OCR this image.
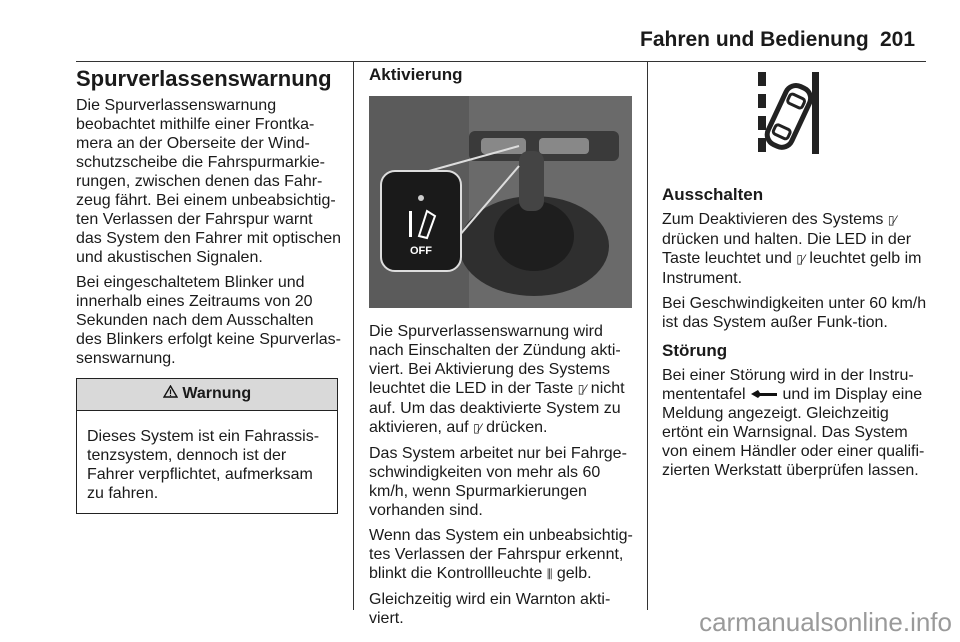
Fahren und Bedienung 201
Spurverlassenswarnung

Die Spurverlassenswarnung beobachtet mithilfe einer Frontka-mera an der Oberseite der Wind-schutzscheibe die Fahrspurmarkie-rungen, zwischen denen das Fahr-zeug fährt. Bei einem unbeabsichtig-ten Verlassen der Fahrspur warnt das System den Fahrer mit optischen und akustischen Signalen.

Bei eingeschaltetem Blinker und innerhalb eines Zeitraums von 20 Sekunden nach dem Ausschalten des Blinkers erfolgt keine Spurverlas-senswarnung.

Warnung

Dieses System ist ein Fahrassis-tenzsystem, dennoch ist der Fahrer verpflichtet, aufmerksam zu fahren.

Aktivierung
OFF

Die Spurverlassenswarnung wird nach Einschalten der Zündung akti-viert. Bei Aktivierung des Systems leuchtet die LED in der Taste ▯⁄ nicht auf. Um das deaktivierte System zu aktivieren, auf ▯⁄ drücken.

Das System arbeitet nur bei Fahrge-schwindigkeiten von mehr als 60 km/h, wenn Spurmarkierungen vorhanden sind.

Wenn das System ein unbeabsichtig-tes Verlassen der Fahrspur erkennt, blinkt die Kontrollleuchte ⫼ gelb.

Gleichzeitig wird ein Warnton akti-viert.

Ausschalten

Zum Deaktivieren des Systems ▯⁄ drücken und halten. Die LED in der Taste leuchtet und ▯⁄ leuchtet gelb im Instrument.

Bei Geschwindigkeiten unter 60 km/h ist das System außer Funk-tion.

Störung

Bei einer Störung wird in der Instru-mententafel und im Display eine Meldung angezeigt. Gleichzeitig ertönt ein Warnsignal. Das System von einem Händler oder einer qualifi-zierten Werkstatt überprüfen lassen.

carmanualsonline.info
